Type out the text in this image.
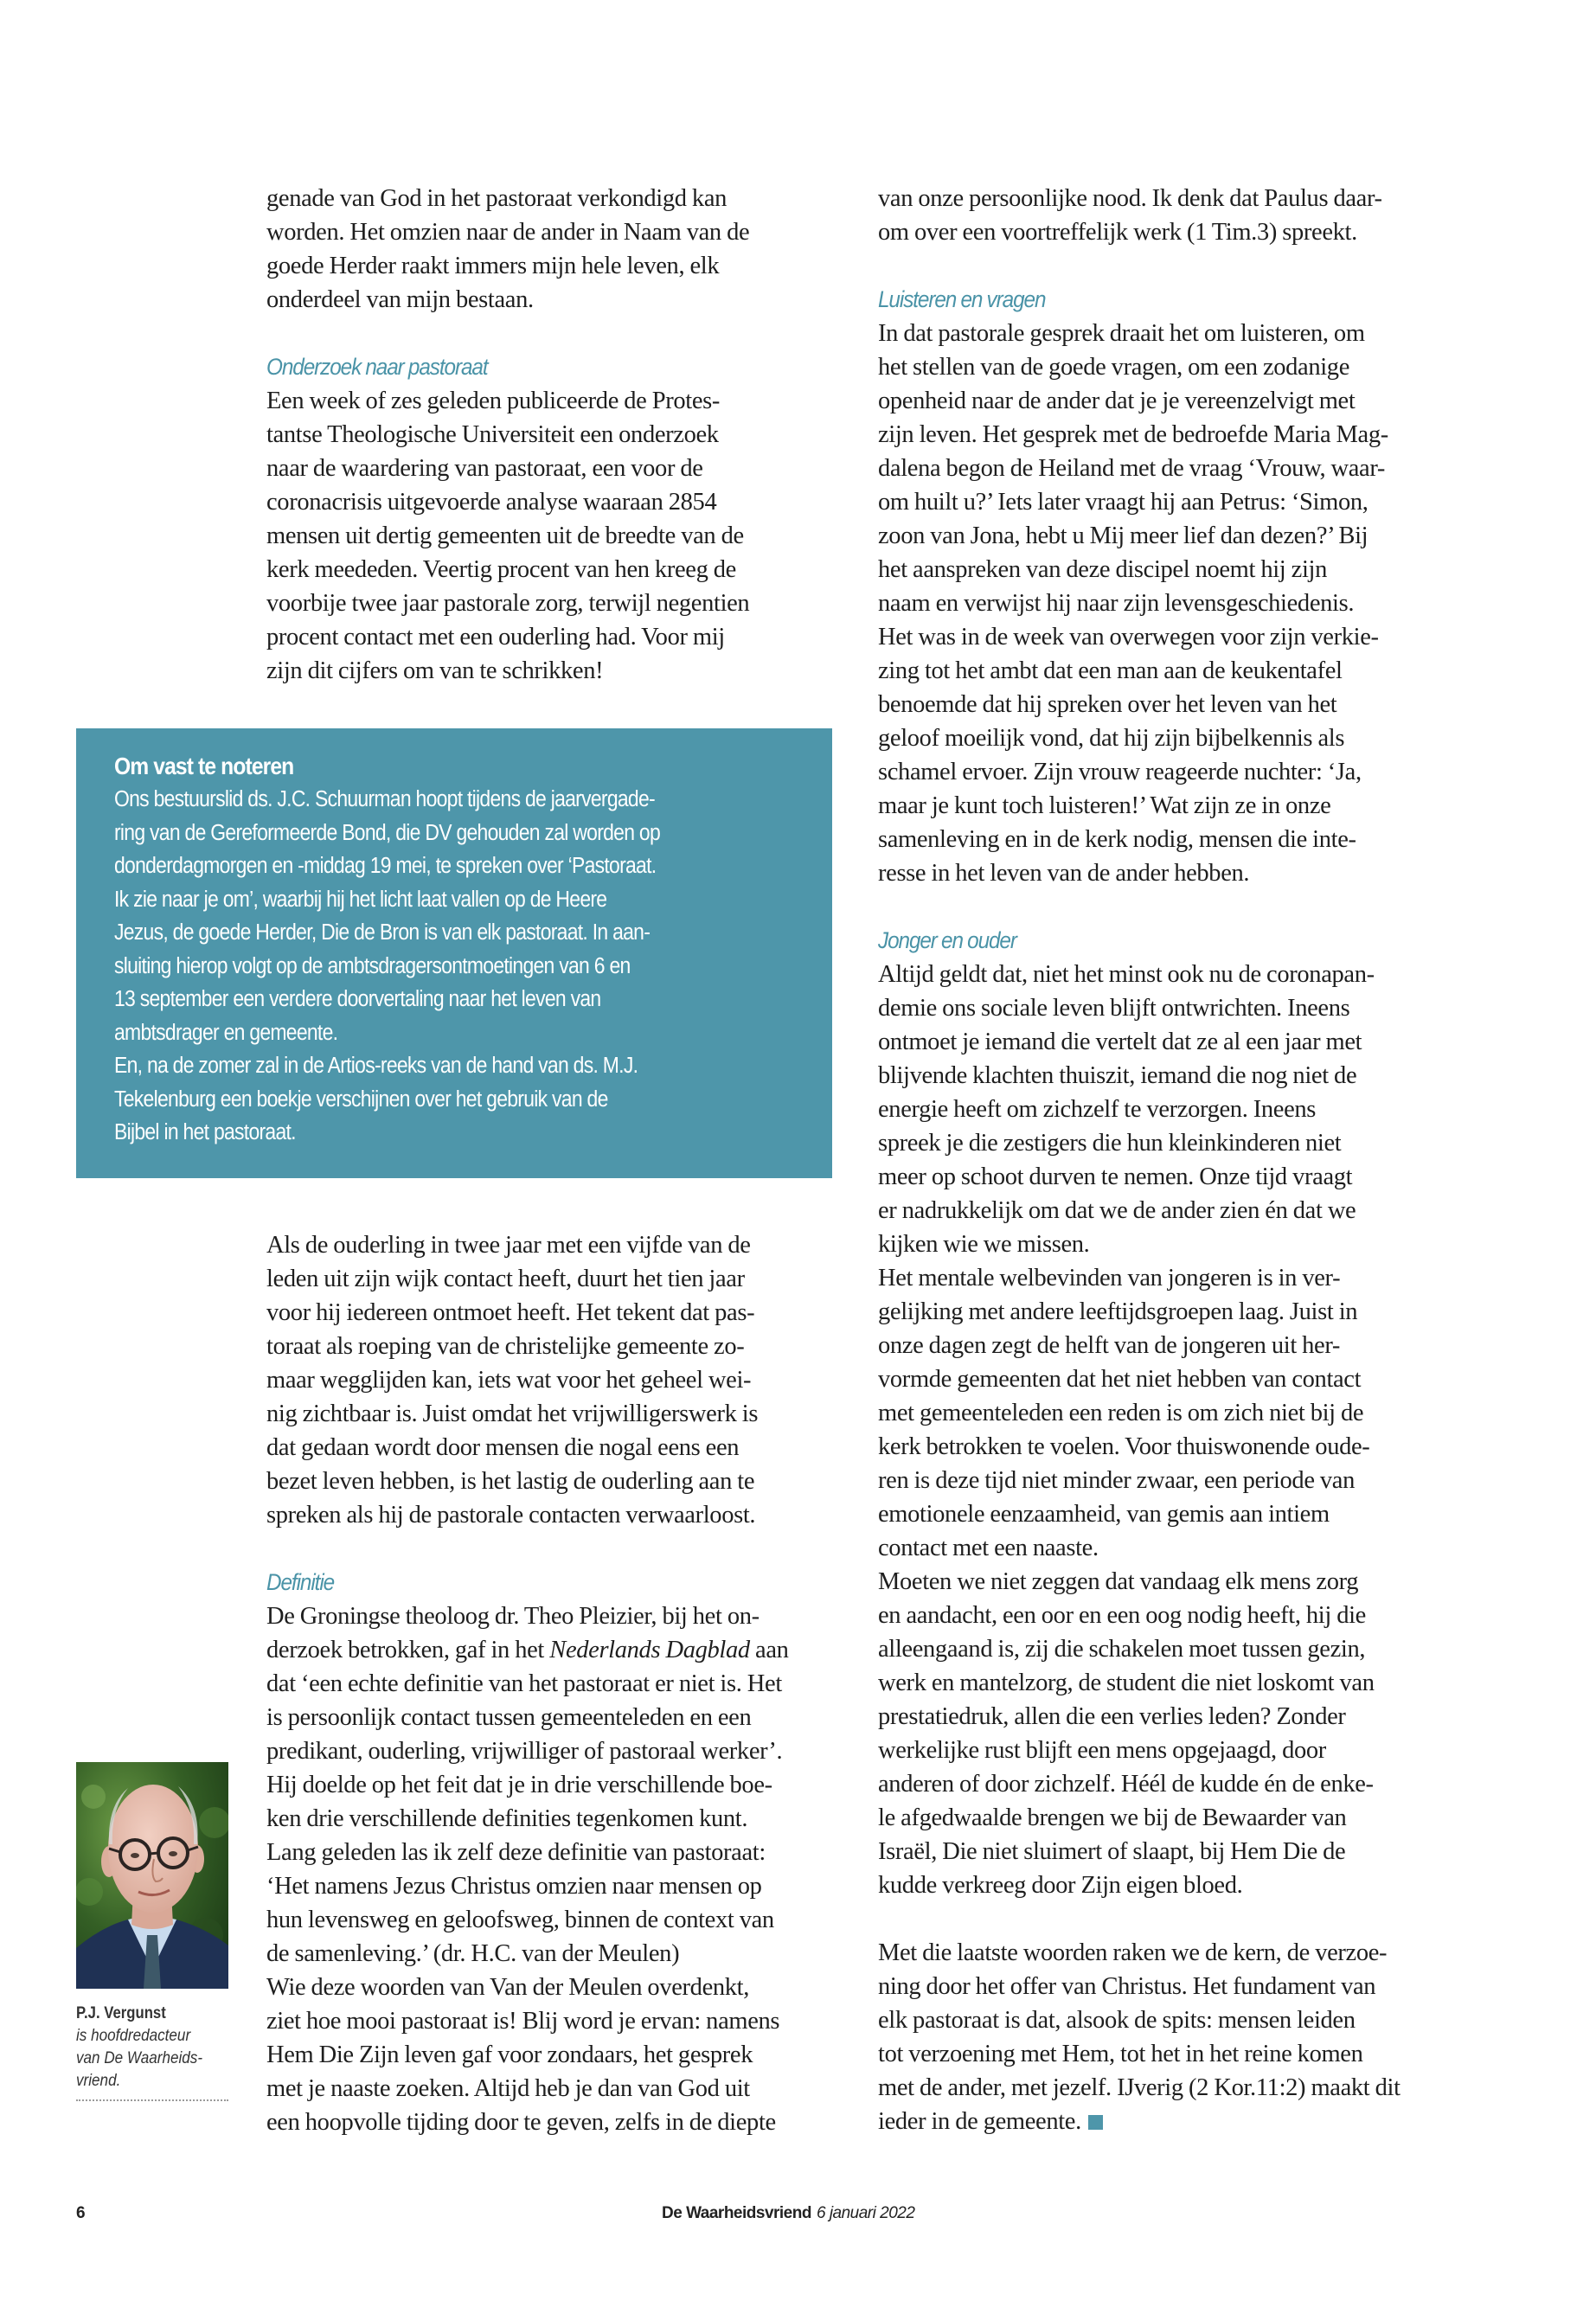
genade van God in het pastoraat verkondigd kan
worden. Het omzien naar de ander in Naam van de
goede Herder raakt immers mijn hele leven, elk
onderdeel van mijn bestaan.
Onderzoek naar pastoraat
Een week of zes geleden publiceerde de Protes-
tantse Theologische Universiteit een onderzoek
naar de waardering van pastoraat, een voor de
coronacrisis uitgevoerde analyse waaraan 2854
mensen uit dertig gemeenten uit de breedte van de
kerk meededen. Veertig procent van hen kreeg de
voorbije twee jaar pastorale zorg, terwijl negentien
procent contact met een ouderling had. Voor mij
zijn dit cijfers om van te schrikken!
Om vast te noteren
Ons bestuurslid ds. J.C. Schuurman hoopt tijdens de jaarvergade-
ring van de Gereformeerde Bond, die DV gehouden zal worden op
donderdagmorgen en -middag 19 mei, te spreken over ‘Pastoraat.
Ik zie naar je om’, waarbij hij het licht laat vallen op de Heere
Jezus, de goede Herder, Die de Bron is van elk pastoraat. In aan-
sluiting hierop volgt op de ambtsdragersontmoetingen van 6 en
13 september een verdere doorvertaling naar het leven van
ambtsdrager en gemeente.
En, na de zomer zal in de Artios-reeks van de hand van ds. M.J.
Tekelenburg een boekje verschijnen over het gebruik van de
Bijbel in het pastoraat.
Als de ouderling in twee jaar met een vijfde van de
leden uit zijn wijk contact heeft, duurt het tien jaar
voor hij iedereen ontmoet heeft. Het tekent dat pas-
toraat als roeping van de christelijke gemeente zo-
maar wegglijden kan, iets wat voor het geheel wei-
nig zichtbaar is. Juist omdat het vrijwilligerswerk is
dat gedaan wordt door mensen die nogal eens een
bezet leven hebben, is het lastig de ouderling aan te
spreken als hij de pastorale contacten verwaarloost.
Definitie
De Groningse theoloog dr. Theo Pleizier, bij het on-
derzoek betrokken, gaf in het Nederlands Dagblad aan
dat ‘een echte definitie van het pastoraat er niet is. Het
is persoonlijk contact tussen gemeenteleden en een
predikant, ouderling, vrijwilliger of pastoraal werker’.
Hij doelde op het feit dat je in drie verschillende boe-
ken drie verschillende definities tegenkomen kunt.
Lang geleden las ik zelf deze definitie van pastoraat:
‘Het namens Jezus Christus omzien naar mensen op
hun levensweg en geloofsweg, binnen de context van
de samenleving.’ (dr. H.C. van der Meulen)
Wie deze woorden van Van der Meulen overdenkt,
ziet hoe mooi pastoraat is! Blij word je ervan: namens
Hem Die Zijn leven gaf voor zondaars, het gesprek
met je naaste zoeken. Altijd heb je dan van God uit
een hoopvolle tijding door te geven, zelfs in de diepte
van onze persoonlijke nood. Ik denk dat Paulus daar-
om over een voortreffelijk werk (1 Tim.3) spreekt.
Luisteren en vragen
In dat pastorale gesprek draait het om luisteren, om
het stellen van de goede vragen, om een zodanige
openheid naar de ander dat je je vereenzelvigt met
zijn leven. Het gesprek met de bedroefde Maria Mag-
dalena begon de Heiland met de vraag ‘Vrouw, waar-
om huilt u?’ Iets later vraagt hij aan Petrus: ‘Simon,
zoon van Jona, hebt u Mij meer lief dan dezen?’ Bij
het aanspreken van deze discipel noemt hij zijn
naam en verwijst hij naar zijn levensgeschiedenis.
Het was in de week van overwegen voor zijn verkie-
zing tot het ambt dat een man aan de keukentafel
benoemde dat hij spreken over het leven van het
geloof moeilijk vond, dat hij zijn bijbelkennis als
schamel ervoer. Zijn vrouw reageerde nuchter: ‘Ja,
maar je kunt toch luisteren!’ Wat zijn ze in onze
samenleving en in de kerk nodig, mensen die inte-
resse in het leven van de ander hebben.
Jonger en ouder
Altijd geldt dat, niet het minst ook nu de coronapan-
demie ons sociale leven blijft ontwrichten. Ineens
ontmoet je iemand die vertelt dat ze al een jaar met
blijvende klachten thuiszit, iemand die nog niet de
energie heeft om zichzelf te verzorgen. Ineens
spreek je die zestigers die hun kleinkinderen niet
meer op schoot durven te nemen. Onze tijd vraagt
er nadrukkelijk om dat we de ander zien én dat we
kijken wie we missen.
Het mentale welbevinden van jongeren is in ver-
gelijking met andere leeftijdsgroepen laag. Juist in
onze dagen zegt de helft van de jongeren uit her-
vormde gemeenten dat het niet hebben van contact
met gemeenteleden een reden is om zich niet bij de
kerk betrokken te voelen. Voor thuiswonende oude-
ren is deze tijd niet minder zwaar, een periode van
emotionele eenzaamheid, van gemis aan intiem
contact met een naaste.
Moeten we niet zeggen dat vandaag elk mens zorg
en aandacht, een oor en een oog nodig heeft, hij die
alleengaand is, zij die schakelen moet tussen gezin,
werk en mantelzorg, de student die niet loskomt van
prestatiedruk, allen die een verlies leden? Zonder
werkelijke rust blijft een mens opgejaagd, door
anderen of door zichzelf. Héél de kudde én de enke-
le afgedwaalde brengen we bij de Bewaarder van
Israël, Die niet sluimert of slaapt, bij Hem Die de
kudde verkreeg door Zijn eigen bloed.
Met die laatste woorden raken we de kern, de verzoe-
ning door het offer van Christus. Het fundament van
elk pastoraat is dat, alsook de spits: mensen leiden
tot verzoening met Hem, tot het in het reine komen
met de ander, met jezelf. IJverig (2 Kor.11:2) maakt dit
ieder in de gemeente.
P.J. Vergunst
is hoofdredacteur
van De Waarheids-
vriend.
6	De Waarheidsvriend 6 januari 2022
